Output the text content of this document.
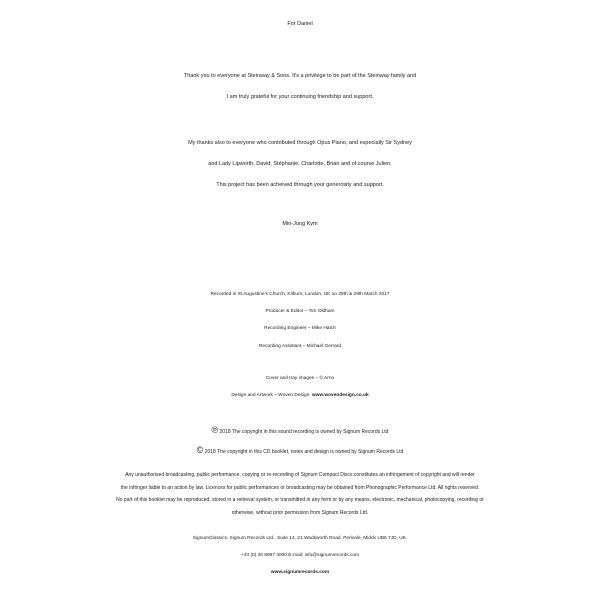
For Daniel
Thank you to everyone at Steinway & Sons. It’s a privilege to be part of the Steinway family and
I am truly grateful for your continuing friendship and support.
My thanks also to everyone who contributed through Opus Piano, and especially Sir Sydney
and Lady Lipworth, David, Stéphanie, Charlotte, Brian and of course Julien.
This project has been acheived through your generosity and support.
Min-Jung Kym
Recorded in St Augustine’s Church, Kilburn, London, UK on 28th & 29th March 2017
Producer & Editor – Tim Oldham
Recording Engineer – Mike Hatch
Recording Assistant – Michael Gerrard
Cover and tray images – © Arno
Design and Artwork – Woven Design www.wovendesign.co.uk
℗ 2018 The copyright in this sound recording is owned by Signum Records Ltd
© 2018 The copyright in this CD booklet, notes and design is owned by Signum Records Ltd
Any unauthorised broadcasting, public performance, copying or re-recording of Signum Compact Discs constitutes an infringement of copyright and will render
the infringer liable to an action by law. Licences for public performances or broadcasting may be obtained from Phonographic Performance Ltd. All rights reserved.
No part of this booklet may be reproduced, stored in a retrieval system, or transmitted in any form or by any means, electronic, mechanical, photocopying, recording or
otherwise, without prior permission from Signum Records Ltd.
SignumClassics, Signum Records Ltd., Suite 14, 21 Wadsworth Road, Perivale, Middx UB6 7JD, UK.
+44 (0) 20 8997 4000 E-mail: info@signumrecords.com
www.signumrecords.com
